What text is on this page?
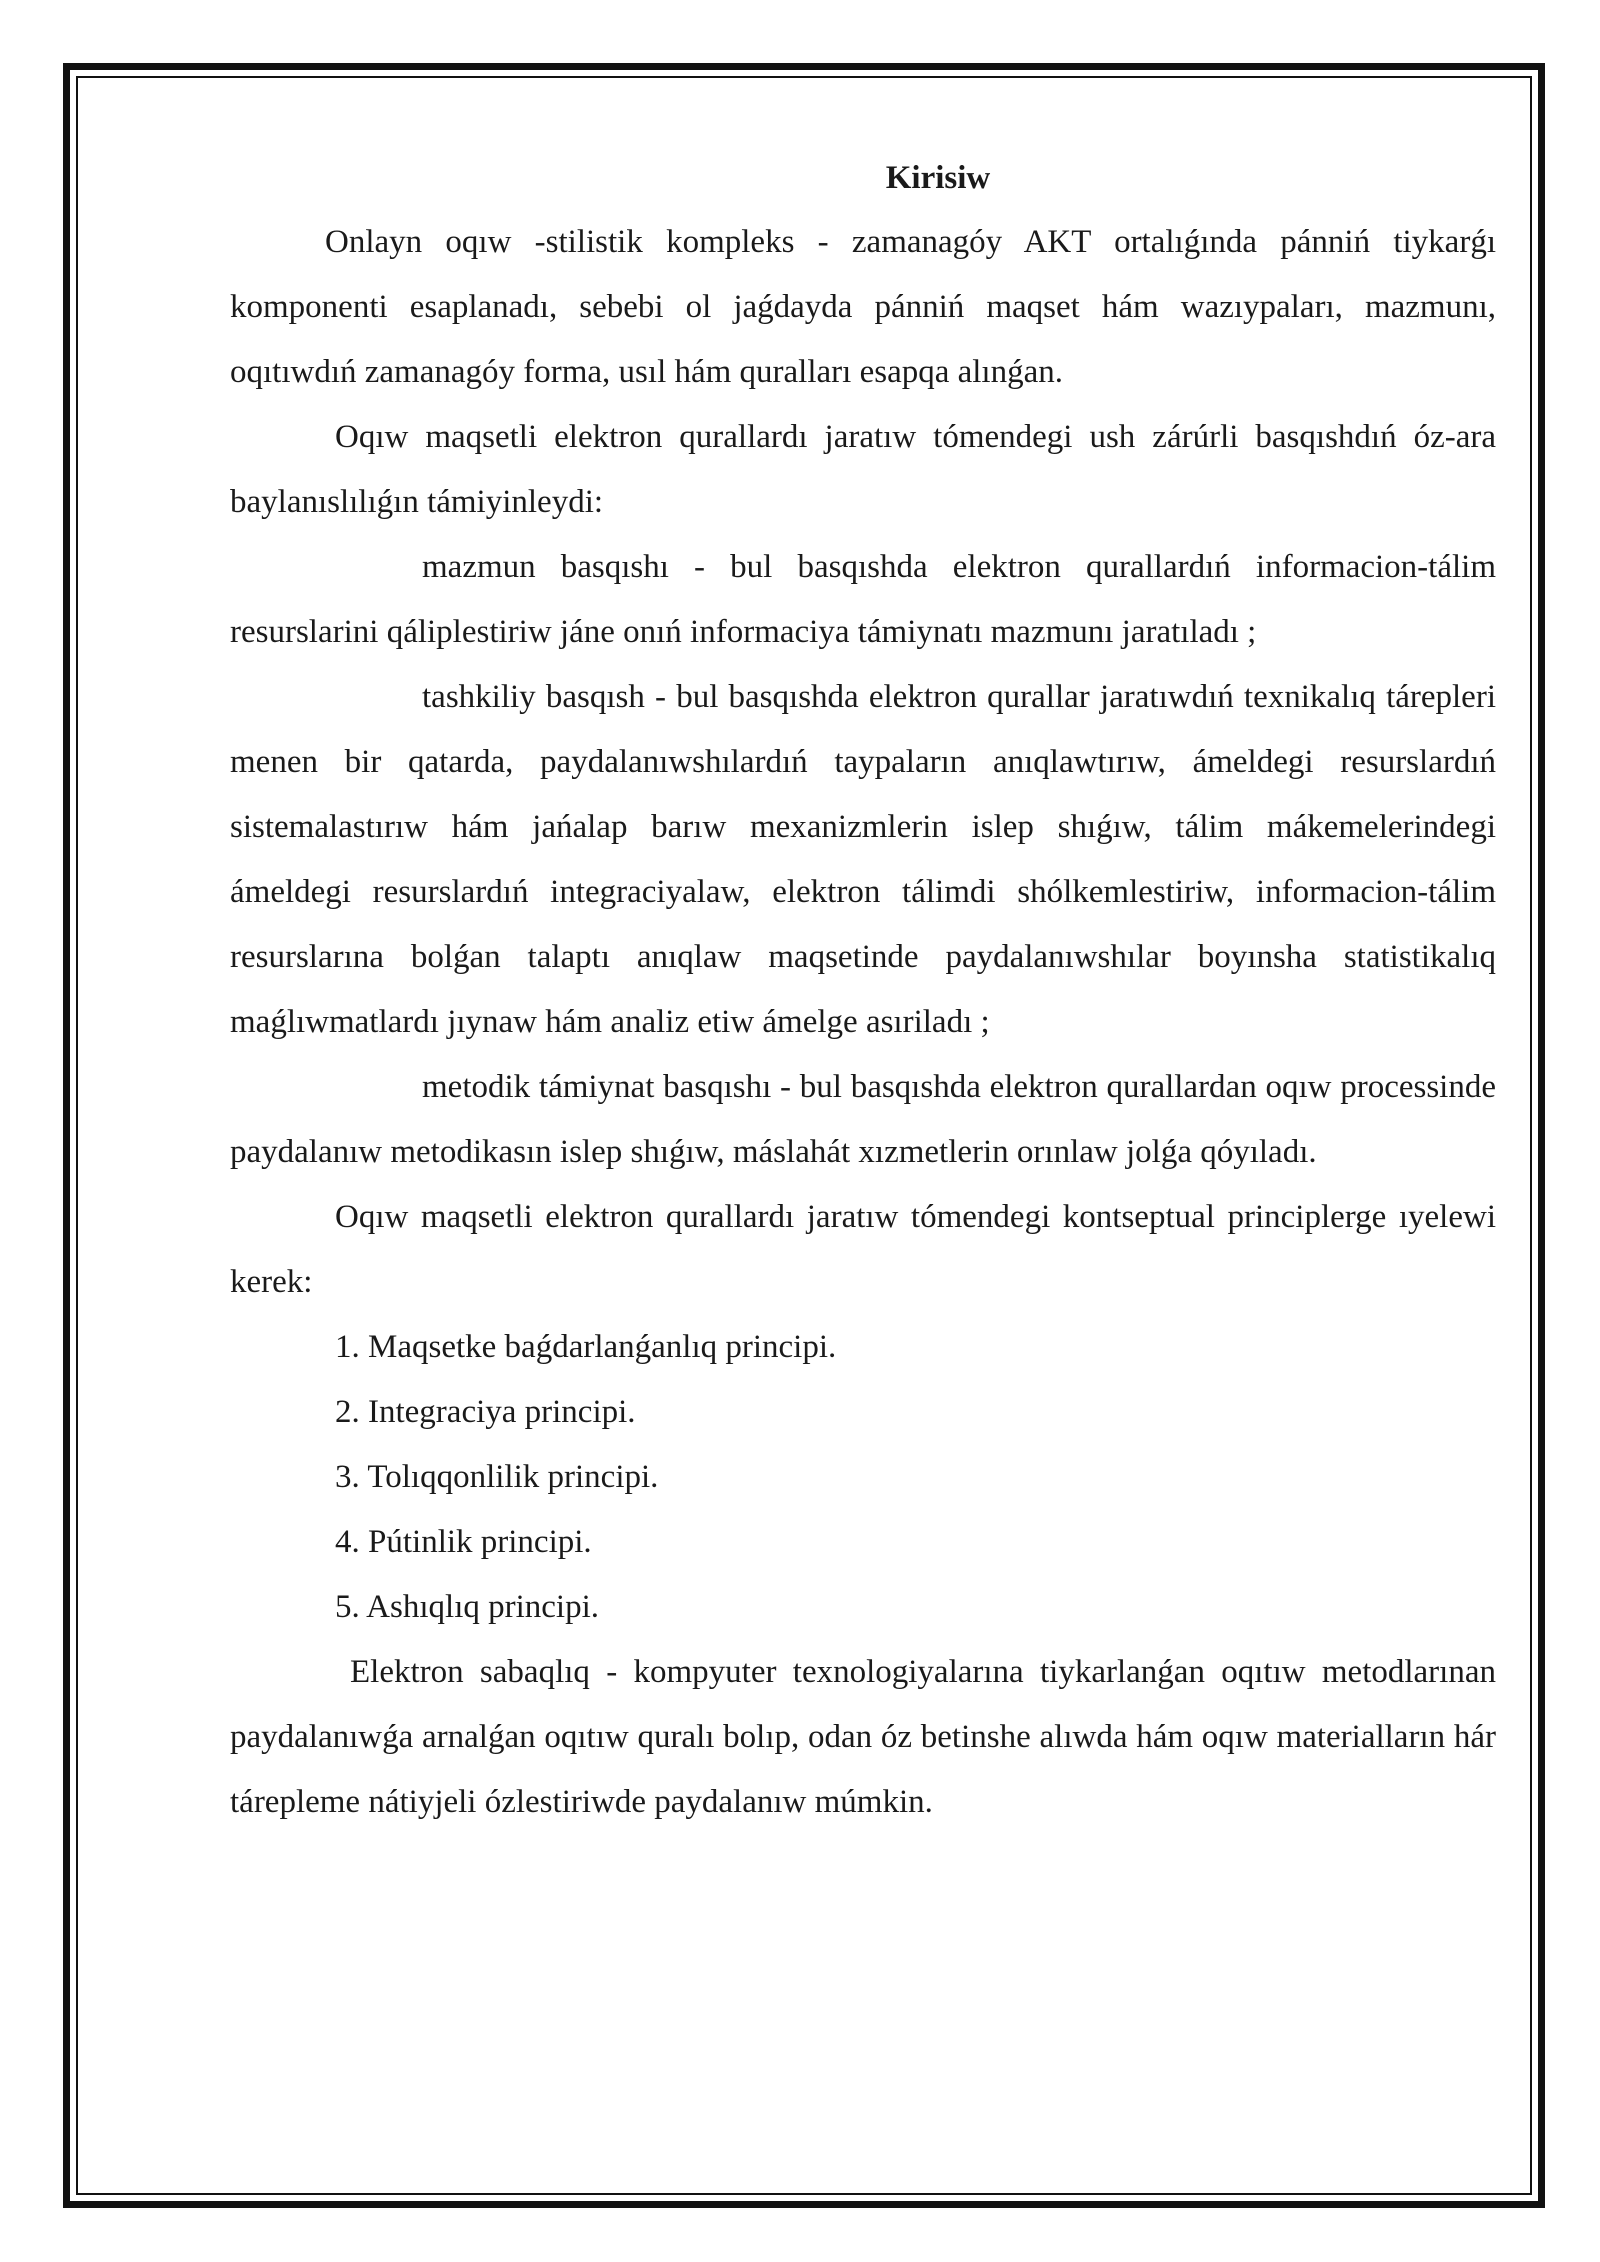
Kirisiw

Onlayn oqıw -stilistik kompleks - zamanagóy AKT ortalıǵında pánniń tiykarǵı komponenti esaplanadı, sebebi ol jaǵdayda pánniń maqset hám wazıypaları, mazmunı, oqıtıwdıń zamanagóy forma, usıl hám quralları esapqa alınǵan.

Oqıw maqsetli elektron qurallardı jaratıw tómendegi ush zárúrli basqıshdıń óz-ara baylanıslılıǵın támiyinleydi:

mazmun basqıshı - bul basqıshda elektron qurallardıń informacion-tálim resurslarini qáliplestiriw jáne onıń informaciya támiynatı mazmunı jaratıladı ;

tashkiliy basqısh - bul basqıshda elektron qurallar jaratıwdıń texnikalıq tárepleri menen bir qatarda, paydalanıwshılardıń taypaların anıqlawtırıw, ámeldegi resurslardıń sistemalastırıw hám jańalap barıw mexanizmlerin islep shıǵıw, tálim mákemelerindegi ámeldegi resurslardıń integraciyalaw, elektron tálimdi shólkemlestiriw, informacion-tálim resurslarına bolǵan talaptı anıqlaw maqsetinde paydalanıwshılar boyınsha statistikalıq maǵlıwmatlardı jıynaw hám analiz etiw ámelge asıriladı ;

metodik támiynat basqıshı - bul basqıshda elektron qurallardan oqıw processinde paydalanıw metodikasın islep shıǵıw, máslahát xızmetlerin orınlaw jolǵa qóyıladı.

Oqıw maqsetli elektron qurallardı jaratıw tómendegi kontseptual principlerge ıyelewi kerek:

1. Maqsetke baǵdarlanǵanlıq principi.

2. Integraciya principi.

3. Tolıqqonlilik principi.

4. Pútinlik principi.

5. Ashıqlıq principi.

Elektron sabaqlıq - kompyuter texnologiyalarına tiykarlanǵan oqıtıw metodlarınan paydalanıwǵa arnalǵan oqıtıw quralı bolıp, odan óz betinshe alıwda hám oqıw materialların hár tárepleme nátiyjeli ózlestiriwde paydalanıw múmkin.
